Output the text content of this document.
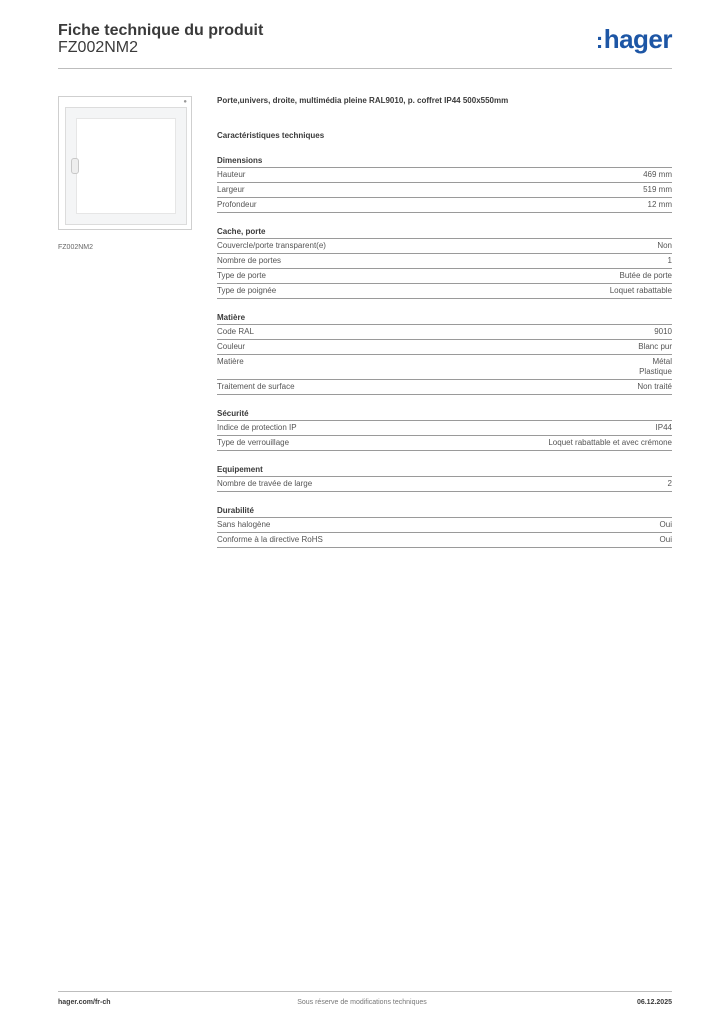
Fiche technique du produit
FZ002NM2	:hager
●
FZ002NM2
Porte,univers, droite, multimédia pleine RAL9010, p. coffret IP44 500x550mm
Caractéristiques techniques
Dimensions
Hauteur	469 mm
Largeur	519 mm
Profondeur	12 mm
Cache, porte
Couvercle/porte transparent(e)	Non
Nombre de portes	1
Type de porte	Butée de porte
Type de poignée	Loquet rabattable
Matière
Code RAL	9010
Couleur	Blanc pur
Matière	Métal
Plastique
Traitement de surface	Non traité
Sécurité
Indice de protection IP	IP44
Type de verrouillage	Loquet rabattable et avec crémone
Equipement
Nombre de travée de large	2
Durabilité
Sans halogène	Oui
Conforme à la directive RoHS	Oui
hager.com/fr-ch	Sous réserve de modifications techniques	06.12.2025
